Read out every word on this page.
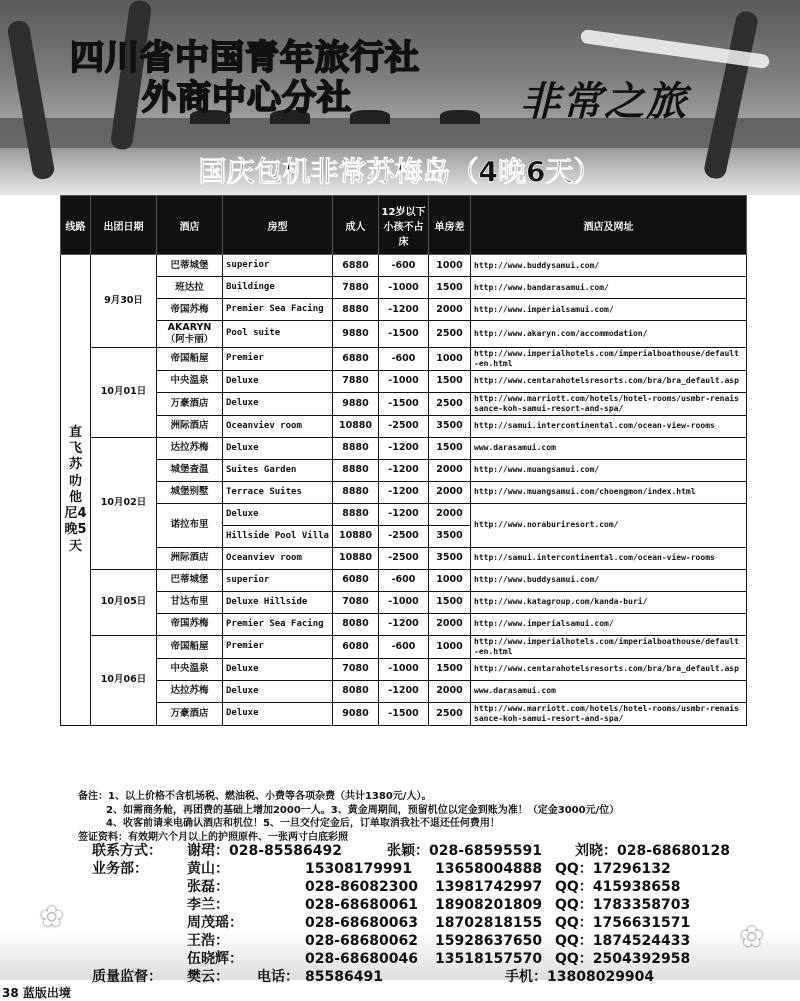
四川省中国青年旅行社
外商中心分社	非常之旅
国庆包机非常苏梅岛（4晚6天）
线路	出团日期	酒店	房型	成人	12岁以下小孩不占床	单房差	酒店及网址
直飞苏叻他尼4晚5天	9月30日	巴蒂城堡	superior	6880	-600	1000	http://www.buddysamui.com/
		班达拉	Buildinge	7880	-1000	1500	http://www.bandarasamui.com/
		帝国苏梅	Premier Sea Facing	8880	-1200	2000	http://www.imperialsamui.com/
		AKARYN（阿卡丽）	Pool suite	9880	-1500	2500	http://www.akaryn.com/accommodation/
	10月01日	帝国船屋	Premier	6880	-600	1000	http://www.imperialhotels.com/imperialboathouse/default-en.html
		中央温泉	Deluxe	7880	-1000	1500	http://www.centarahotelsresorts.com/bra/bra_default.asp
		万豪酒店	Deluxe	9880	-1500	2500	http://www.marriott.com/hotels/hotel-rooms/usmbr-renaissance-koh-samui-resort-and-spa/
		洲际酒店	Oceanviev room	10880	-2500	3500	http://samui.intercontinental.com/ocean-view-rooms
	10月02日	达拉苏梅	Deluxe	8880	-1200	1500	www.darasamui.com
		城堡查温	Suites Garden	8880	-1200	2000	http://www.muangsamui.com/
		城堡别墅	Terrace Suites	8880	-1200	2000	http://www.muangsamui.com/choengmon/index.html
		诺拉布里	Deluxe	8880	-1200	2000	http://www.noraburiresort.com/
			Hillside Pool Villa	10880	-2500	3500	
		洲际酒店	Oceanviev room	10880	-2500	3500	http://samui.intercontinental.com/ocean-view-rooms
	10月05日	巴蒂城堡	superior	6080	-600	1000	http://www.buddysamui.com/
		甘达布里	Deluxe Hillside	7080	-1000	1500	http://www.katagroup.com/kanda-buri/
		帝国苏梅	Premier Sea Facing	8080	-1200	2000	http://www.imperialsamui.com/
	10月06日	帝国船屋	Premier	6080	-600	1000	http://www.imperialhotels.com/imperialboathouse/default-en.html
		中央温泉	Deluxe	7080	-1000	1500	http://www.centarahotelsresorts.com/bra/bra_default.asp
		达拉苏梅	Deluxe	8080	-1200	2000	www.darasamui.com
		万豪酒店	Deluxe	9080	-1500	2500	http://www.marriott.com/hotels/hotel-rooms/usmbr-renaissance-koh-samui-resort-and-spa/
备注：1、以上价格不含机场税、燃油税、小费等各项杂费（共计1380元/人）。
2、如需商务舱，再团费的基础上增加2000一人。3、黄金周期间，预留机位以定金到账为准！（定金3000元/位）
4、收客前请来电确认酒店和机位！5、一旦交付定金后，订单取消我社不退还任何费用！
签证资料：有效期六个月以上的护照原件、一张两寸白底彩照
✿
✿
联系方式：	谢珺：028-85586492	张颖：028-68595591	刘晓：028-68680128
业务部：	黄山：	15308179991	13658004888 QQ：17296132
张磊：	028-86082300	13981742997 QQ：415938658
李兰：	028-68680061	18908201809 QQ：1783358703
周茂瑶：	028-68680063	18702818155 QQ：1756631571
王浩：	028-68680062	15928637650 QQ：1874524433
伍晓辉：	028-68680046	13518157570 QQ：2504392958
质量监督：	樊云：	电话： 85586491	手机： 13808029904
38 蓝版出境
